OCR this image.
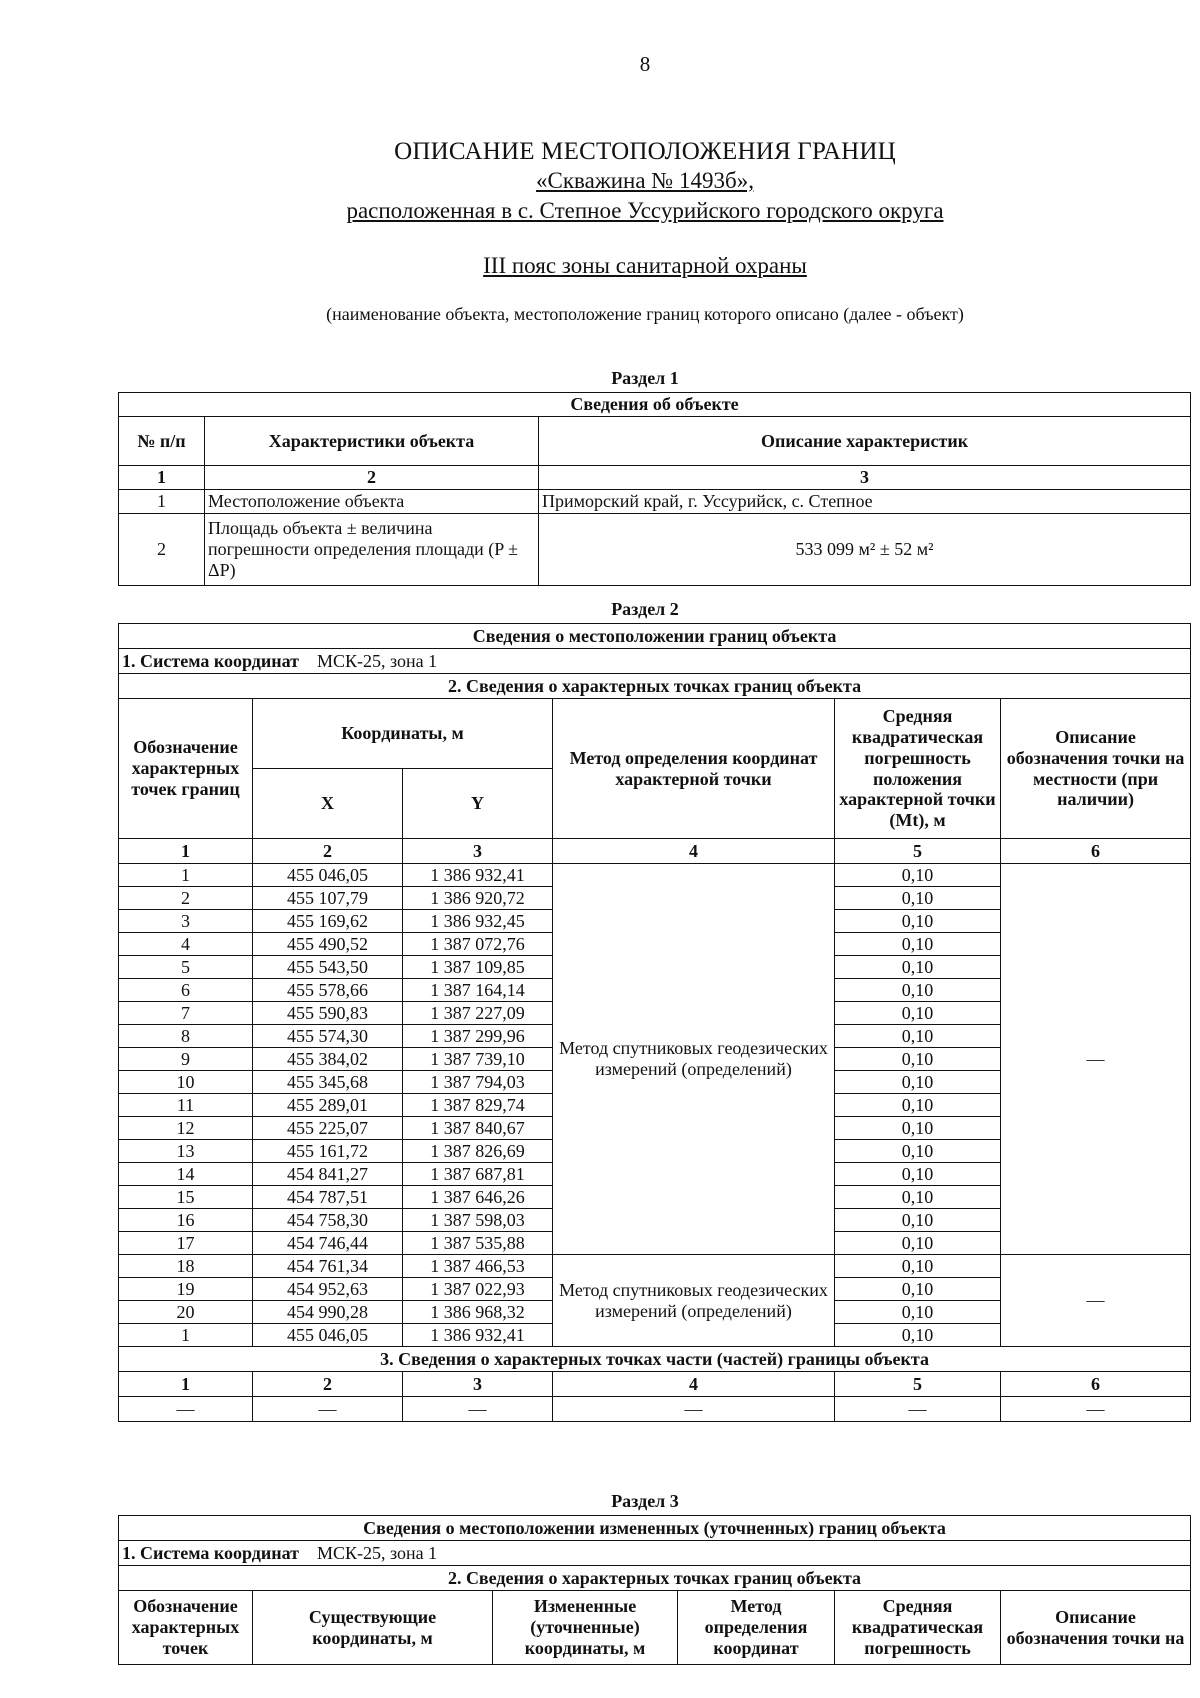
8
ОПИСАНИЕ МЕСТОПОЛОЖЕНИЯ ГРАНИЦ
«Скважина № 1493б»,
расположенная в с. Степное Уссурийского городского округа
III пояс зоны санитарной охраны
(наименование объекта, местоположение границ которого описано (далее - объект)
Раздел 1
Сведения об объекте		
№ п/п	Характеристики объекта	Описание характеристик
1	2	3
1	Местоположение объекта	Приморский край, г. Уссурийск, с. Степное
2	Площадь объекта ± величина погрешности определения площади (P ± ΔP)	533 099 м² ± 52 м²
Раздел 2
Сведения о местоположении границ объекта					
1. Система координат МСК-25, зона 1					
2. Сведения о характерных точках границ объекта					
Обозначение характерных точек границ	Координаты, м		Метод определения координат характерной точки	Средняя квадратическая погрешность положения характерной точки (Mt), м	Описание обозначения точки на местности (при наличии)
	X	Y			
1	2	3	4	5	6
1	455 046,05	1 386 932,41	Метод спутниковых геодезических измерений (определений)	0,10	—
2	455 107,79	1 386 920,72		0,10	
3	455 169,62	1 386 932,45		0,10	
4	455 490,52	1 387 072,76		0,10	
5	455 543,50	1 387 109,85		0,10	
6	455 578,66	1 387 164,14		0,10	
7	455 590,83	1 387 227,09		0,10	
8	455 574,30	1 387 299,96		0,10	
9	455 384,02	1 387 739,10		0,10	
10	455 345,68	1 387 794,03		0,10	
11	455 289,01	1 387 829,74		0,10	
12	455 225,07	1 387 840,67		0,10	
13	455 161,72	1 387 826,69		0,10	
14	454 841,27	1 387 687,81		0,10	
15	454 787,51	1 387 646,26		0,10	
16	454 758,30	1 387 598,03		0,10	
17	454 746,44	1 387 535,88		0,10	
18	454 761,34	1 387 466,53	Метод спутниковых геодезических измерений (определений)	0,10	—
19	454 952,63	1 387 022,93		0,10	
20	454 990,28	1 386 968,32		0,10	
1	455 046,05	1 386 932,41		0,10	
3. Сведения о характерных точках части (частей) границы объекта					
1	2	3	4	5	6
—	—	—	—	—	—
Раздел 3
Сведения о местоположении измененных (уточненных) границ объекта
1. Система координат МСК-25, зона 1
2. Сведения о характерных точках границ объекта
Обозначение характерных точек	Существующие координаты, м	Измененные (уточненные) координаты, м	Метод определения координат	Средняя квадратическая погрешность	Описание обозначения точки на
